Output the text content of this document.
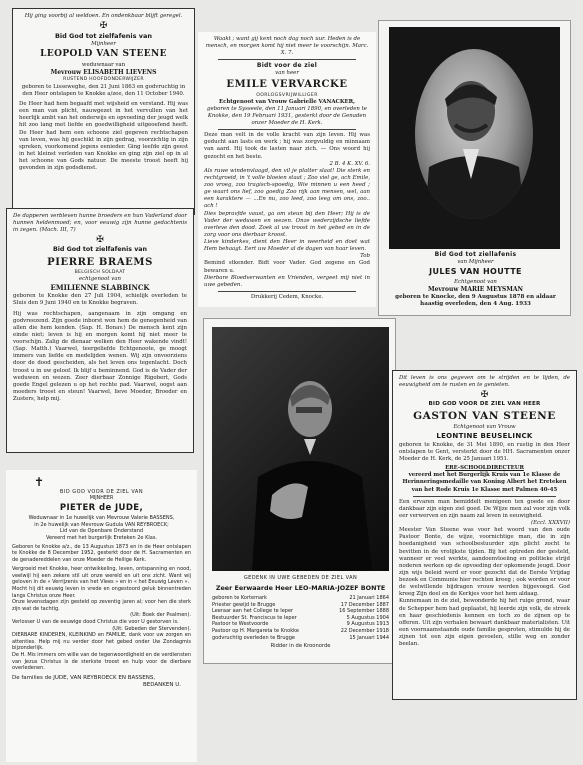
Hij ging voorbij al weldoen. En ondenkbaar blijft geregel.
✠
Bid God tot zielfafenis van
Mijnheer
LEOPOLD VAN STEENE
weduwnaar van
Mevrouw ELISABETH LIEVENS
RUSTEND HOOFDONDERWIJZER
geboren te Lisseweghe, den 21 Juni 1863 en godvruchtig in den Heer ontslapen te Knokke a/zee, den 11 October 1940.
De Heer had hem begaafd met wijsheid en verstand. Hij was een man van plicht, nauwgezet in het vervullen van het heerlijk ambt van het onderwijs en opvoeding der jeugd welk hit zoo lang met liefde en goedwilligheid uitgeoefend heeft. De Heer had hem een schoone ziel gegeven rechtschapen van leven, was hij geschikt in zijn gedrag, voorzichtig in zijn spreken, voorkomend jegens eenieder. Ging leefde zijn geest in het kleinst verleden van Knokke en ging zijn ziel op in al het schoone van Gods natuur. De meeste troost heeft hij gevonden in zijn godsdienst.
Waakt ; want gij kent noch dag noch uur. Heden is de mensch, en morgen komt hij niet meer te voorschijn. Marc. X. 7.
Bidt voor de ziel
van heer
EMILE VERVARCKE
OORLOGSVRIJWILLIGER
Echtgenoot van Vrouw Gabrielle VANACKER,
geboren te Sysseele, den 11 Januari 1890, en overleden te Knokke, den 19 Februari 1931, gesterkt door de Genaden onzer Moeder de H. Kerk.
Deze man velt in de volle kracht van zijn leven. Hij was geducht aan lasts en werk ; hij was zorgvuldig en minnaam van aard. Hij took de lasten naar zich. — Ons woord hij gezocht en het beste.
2 B. 4 K. XV. 6.
Als ruwe windenvlaagd, den vil je platter slaat! Die sterk en rechtgroeid, in 't volle bloeien staat ; Zoo viel ge, ach Emile, zoo vroeg, zoo tragisch-spoedig, Wie minnen u een heed ; ge waart ons lief, zoo goedig Zoo rijk aan mensen, wel, aan een karaktere — ...En nu, zoo leed, zoo leeg om ons, zoo.. ach !
Dies bepravfde vaust, ga om steun bij den Heer; Hij is de Vader der weduwen en wezen. Onze wederzijdsche liefde overleve den dood. Zoek al uw troost in het gebed en in de zorg voor ons dierbaar kroost.
Lieve kinderkes, dient den Heer in weerheid en doet wat Hem behaagt. Eert uw Moeder al de dagen van haar leven.
Tob
Bemind stkender. Bidt voor Vader. God zegene en God bewaren u.
Dierbare Bloedverwanten en Vrienden, vergeet mij niet in uwe gebeden.
Drukkerij Cedem, Knocke.
Bid God tot ziellafenis
van Mijnheer
JULES VAN HOUTTE
Echtgenoot van
Mevrouw MARIE MEYSMAN
geboren te Knocke, den 9 Augustus 1878 en aldaar haastig overleden, den 4 Aug. 1933
De dapperen verbleven hunne broeders en hun Vaderland door hunnen heldenmoed; en, voor eeuwig zijn hunne gedachtenis in zegen. (Mach. III, 7)
✠
Bid God tot zielfafenis van
PIERRE BRAEMS
BELGISCH SOLDAAT
echtgenoot van
EMILIENNE SLABBINCK
geboren te Knokke den 27 Juli 1904, schielijk overleden te Sluis den 9 Juni 1940 en te Knokke begraven.
Hij was rechtschapen, aangenaam in zijn omgang en godvreezend. Zijn goede inborst won hem de genegenheid van allen die hem kenden. (Sap. H. Bonav.) De mensch kent zijn einde niet; leven is hij en morgen komt hij niet meer te voorschijn. Zalig de dienaar welken den Heer wakende vindt! (Sap. Matth.) Vaarwel, teergeliefde Echtgenoote, ge moogt immers van liefde en medelijden wenen. Wij zijn onvoorziens door de dood gescheiden, als het leven ons tegenlacht. Doch troost u in uw geloof. Ik blijf u beminnend. God is de Vader der weduwen en wezen. Zeer dierbaar Zonnige Rigobert, Gods goede Engel gelezen u op het rechte pad. Vaarwel, oogst aan moeders troost en steun! Vaarwel, lieve Moeder, Broeder en Zusters, help mij.
✝
BID GOD VOOR DE ZIEL VAN
MIJNHEER
PIETER de JUDE,
Weduwnaar in 1e huwelijk van Mevrouw Valerie BASSENS,
in 2e huwelijk van Mevrouw Gudula VAN REYBROECK;
Lid van de Openbare Onderstand
Vereerd met het burgerlijk Ereteken 2e Klas.
Geboren te Knokke a/z., de 13 Augustus 1873 en in de Heer ontslapen te Knokke de 8 December 1952, gesterkt door de H. Sacramenten en de genadereddelen van onze Moeder de Heilige Kerk.
Vergroeid met Knokke, heer ontwikkeling, leven, ontspanning en nood, veelwijl hij een zekere stil uit onze wereld en uit ons zicht. Want wij geloven in de « Verrijzenis van het Vlees » en in « het Eeuwig Leven ».
Mocht hij dit eeuwig leven in vrede en ongestoord geluk binnentreden langs Christus onze Heer.
Onze levensdagen zijn gesteld op zeventig jaren al; voor hen die sterk zijn wat de tachtig.
(Uit: Boek der Psalmen).
Verlosser U van de eeuwige dood Christus die voor U gestorven is.
(Uit: Gebeden der Stervenden).
DIERBARE KINDEREN, KLEINKIND en FAMILIE, dank voor uw zorgen en attenties. Help mij nu verder door het gebed onder Uw Zondagmis bijzonderlijk.
De H. Mis immers om wille van de tegenwoordigheid en de verdiensten van Jezus Christus is de sterkste troost en hulp voor de dierbare overledenen.
De families de JUDE, VAN REYBROECK EN BASSENS,
BEDANKEN U.
GEDENK IN UWE GEBEDEN DE ZIEL VAN
Zeer Eerwaarde Heer LEO-MARIA-JOZEF BONTE
geboren te Kortemark	21 Januari 1864
Priester gewijd te Brugge	17 December 1887
Leeraar aan het College te Ieper	16 September 1888
Bestuurder St. Franciscus te Ieper	5 Augustus 1904
Pastoor te Westvoorde	9 Augustus 1913
Pastoor op H. Margareta te Knokke	22 December 1918
godvruchtig overleden te Brugge	15 Januari 1944
Ridder in de Kroonorde
Dit leven is ons gegeven om te strijden en te lijden, de eeuwigheid om te rusten en te genieten.
✠
BID GOD VOOR DE ZIEL VAN HEER
GASTON VAN STEENE
Echtgenoot van Vrouw
LEONTINE BEUSELINCK
geboren te Knokke, de 31 Mei 1890, en rustig in den Heer ontslapen te Gent, versterkt door de HH. Sacramenten onzer Moeder de H. Kerk, de 25 Januari 1951.
ERE-SCHOOLDIRECTEUR
vereerd met het Burgerlijk Kruis van 1e Klasse de Herinneringsmedaille van Koning Albert het Ereteken van het Rode Kruis 1e Klasse met Palmen 40-45
Een ervaren man bemiddelt menigeen ten goede en door dankbaar zijn eigen ziel goed. De Wijze men zal voor zijn volk eer verwerven en zijn naam zal leven in eeuwigheid.
(Eccl. XXXVII)
Meester Van Steene was voor het woord van den oude Pastoor Bonte, de wijze, voornichtige man, die in zijn hoedanigheid van schoolbestuurder zijn plicht zocht te bevitten in de vrolijkste tijden. Bij het optreden der gesteld, wanneer er veel werkte, aandoenvloeiing en politieke strijd noderen werken op de opvoeding der opkomende jeugd. Door zijn wijs beleid werd er voor gezocht dat de Eerste Vrijdag bezoek en Communie hier rechten kreeg ; ook worden er voor de welwillende bijdragen vrouw werden bijgevoegd. God kreeg Zijn deel en de Kerkjes voor het hem aldaag.
Kunnemaan in de ziel, bewonderde hij het ruige grond, waar de Schepper hem had geplaatst, hij leerde zijn volk, de streek en haar geschiedenis kennen en toch zo de zijnen op te offeren. Uit zijn verhalen bewaart dankbaar materialisten. Uit een voornaamstaande oude familie gesproten, stimulde hij de zijnen tot een zijn eigen gevoelen, stille weg en zonder beelan.
